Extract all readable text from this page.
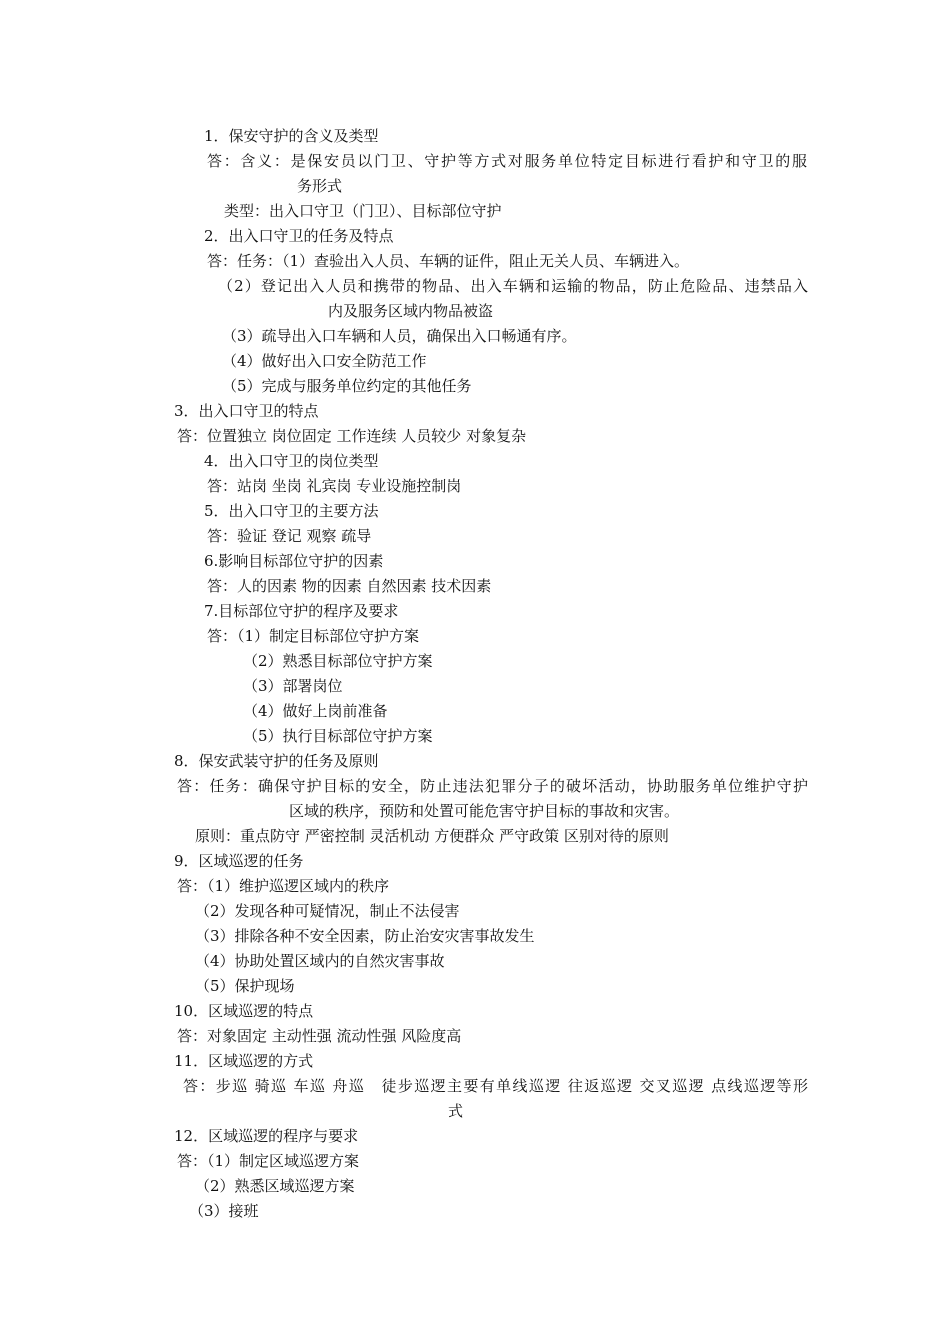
1．保安守护的含义及类型
答：含义：是保安员以门卫、守护等方式对服务单位特定目标进行看护和守卫的服
务形式
类型：出入口守卫（门卫）、目标部位守护
2．出入口守卫的任务及特点
答：任务：（1）查验出入人员、车辆的证件，阻止无关人员、车辆进入。
（2）登记出入人员和携带的物品、出入车辆和运输的物品，防止危险品、违禁品入
内及服务区域内物品被盗
（3）疏导出入口车辆和人员，确保出入口畅通有序。
（4）做好出入口安全防范工作
（5）完成与服务单位约定的其他任务
3．出入口守卫的特点
答：位置独立 岗位固定 工作连续 人员较少 对象复杂
4．出入口守卫的岗位类型
答：站岗 坐岗 礼宾岗 专业设施控制岗
5．出入口守卫的主要方法
答：验证 登记 观察 疏导
6.影响目标部位守护的因素
答：人的因素 物的因素 自然因素 技术因素
7.目标部位守护的程序及要求
答：（1）制定目标部位守护方案
（2）熟悉目标部位守护方案
（3）部署岗位
（4）做好上岗前准备
（5）执行目标部位守护方案
8．保安武装守护的任务及原则
答：任务：确保守护目标的安全，防止违法犯罪分子的破坏活动，协助服务单位维护守护
区域的秩序，预防和处置可能危害守护目标的事故和灾害。
原则：重点防守 严密控制 灵活机动 方便群众 严守政策 区别对待的原则
9．区域巡逻的任务
答：（1）维护巡逻区域内的秩序
（2）发现各种可疑情况，制止不法侵害
（3）排除各种不安全因素，防止治安灾害事故发生
（4）协助处置区域内的自然灾害事故
（5）保护现场
10．区域巡逻的特点
答：对象固定 主动性强 流动性强 风险度高
11．区域巡逻的方式
答：步巡 骑巡 车巡 舟巡　徒步巡逻主要有单线巡逻 往返巡逻 交叉巡逻 点线巡逻等形
式
12．区域巡逻的程序与要求
答：（1）制定区域巡逻方案
（2）熟悉区域巡逻方案
（3）接班
